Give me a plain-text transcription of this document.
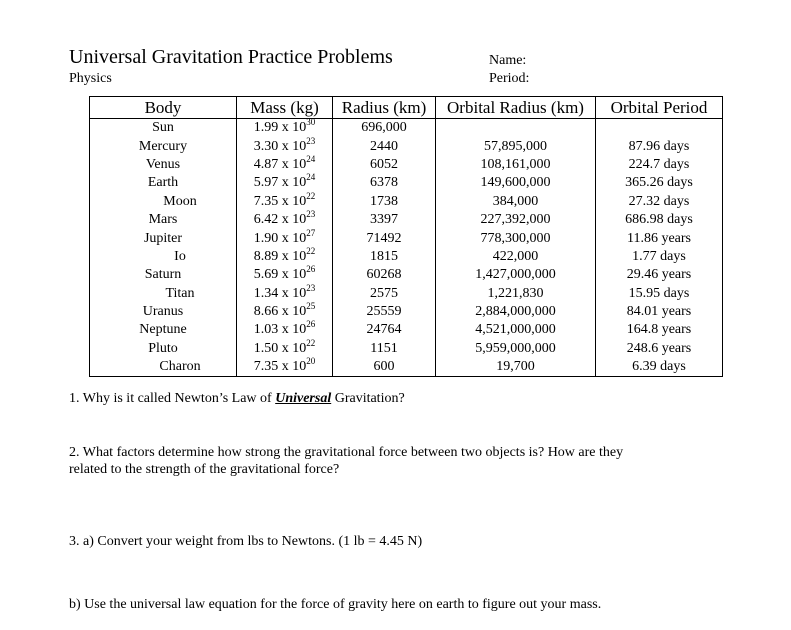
Universal Gravitation Practice Problems
Physics
Name:
Period:
Body	Mass (kg)	Radius (km)	Orbital Radius (km)	Orbital Period
Sun	1.99 x $10^{30}$	696,000		
Mercury	3.30 x $10^{23}$	2440	57,895,000	87.96 days
Venus	4.87 x $10^{24}$	6052	108,161,000	224.7 days
Earth	5.97 x $10^{24}$	6378	149,600,000	365.26 days
Moon	7.35 x $10^{22}$	1738	384,000	27.32 days
Mars	6.42 x $10^{23}$	3397	227,392,000	686.98 days
Jupiter	1.90 x $10^{27}$	71492	778,300,000	11.86 years
Io	8.89 x $10^{22}$	1815	422,000	1.77 days
Saturn	5.69 x $10^{26}$	60268	1,427,000,000	29.46 years
Titan	1.34 x $10^{23}$	2575	1,221,830	15.95 days
Uranus	8.66 x $10^{25}$	25559	2,884,000,000	84.01 years
Neptune	1.03 x $10^{26}$	24764	4,521,000,000	164.8 years
Pluto	1.50 x $10^{22}$	1151	5,959,000,000	248.6 years
Charon	7.35 x $10^{20}$	600	19,700	6.39 days
1. Why is it called Newton’s Law of Universal Gravitation?
2. What factors determine how strong the gravitational force between two objects is? How are they
related to the strength of the gravitational force?
3. a) Convert your weight from lbs to Newtons. (1 lb = 4.45 N)
b) Use the universal law equation for the force of gravity here on earth to figure out your mass.
